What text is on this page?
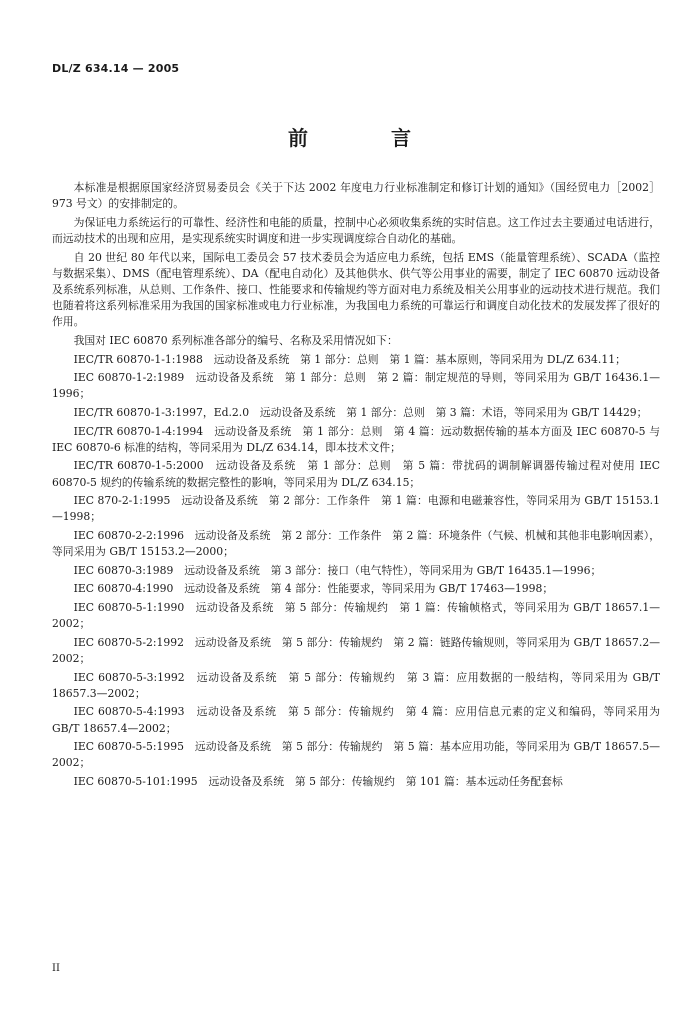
DL/Z 634.14 — 2005
前 言

本标准是根据原国家经济贸易委员会《关于下达 2002 年度电力行业标准制定和修订计划的通知》（国经贸电力［2002］973 号文）的安排制定的。

为保证电力系统运行的可靠性、经济性和电能的质量，控制中心必须收集系统的实时信息。这工作过去主要通过电话进行，而远动技术的出现和应用，是实现系统实时调度和进一步实现调度综合自动化的基础。

自 20 世纪 80 年代以来，国际电工委员会 57 技术委员会为适应电力系统，包括 EMS（能量管理系统）、SCADA（监控与数据采集）、DMS（配电管理系统）、DA（配电自动化）及其他供水、供气等公用事业的需要，制定了 IEC 60870 远动设备及系统系列标准，从总则、工作条件、接口、性能要求和传输规约等方面对电力系统及相关公用事业的远动技术进行规范。我们也随着将这系列标准采用为我国的国家标准或电力行业标准，为我国电力系统的可靠运行和调度自动化技术的发展发挥了很好的作用。

我国对 IEC 60870 系列标准各部分的编号、名称及采用情况如下：

IEC/TR 60870-1-1:1988　远动设备及系统　第 1 部分：总则　第 1 篇：基本原则，等同采用为 DL/Z 634.11；

IEC 60870-1-2:1989　远动设备及系统　第 1 部分：总则　第 2 篇：制定规范的导则，等同采用为 GB/T 16436.1—1996；

IEC/TR 60870-1-3:1997，Ed.2.0　远动设备及系统　第 1 部分：总则　第 3 篇：术语，等同采用为 GB/T 14429；

IEC/TR 60870-1-4:1994　远动设备及系统　第 1 部分：总则　第 4 篇：远动数据传输的基本方面及 IEC 60870-5 与 IEC 60870-6 标准的结构，等同采用为 DL/Z 634.14，即本技术文件；

IEC/TR 60870-1-5:2000　远动设备及系统　第 1 部分：总则　第 5 篇：带扰码的调制解调器传输过程对使用 IEC 60870-5 规约的传输系统的数据完整性的影响，等同采用为 DL/Z 634.15；

IEC 870-2-1:1995　远动设备及系统　第 2 部分：工作条件　第 1 篇：电源和电磁兼容性，等同采用为 GB/T 15153.1—1998；

IEC 60870-2-2:1996　远动设备及系统　第 2 部分：工作条件　第 2 篇：环境条件（气候、机械和其他非电影响因素），等同采用为 GB/T 15153.2—2000；

IEC 60870-3:1989　远动设备及系统　第 3 部分：接口（电气特性），等同采用为 GB/T 16435.1—1996；

IEC 60870-4:1990　远动设备及系统　第 4 部分：性能要求，等同采用为 GB/T 17463—1998；

IEC 60870-5-1:1990　远动设备及系统　第 5 部分：传输规约　第 1 篇：传输帧格式，等同采用为 GB/T 18657.1—2002；

IEC 60870-5-2:1992　远动设备及系统　第 5 部分：传输规约　第 2 篇：链路传输规则，等同采用为 GB/T 18657.2—2002；

IEC 60870-5-3:1992　远动设备及系统　第 5 部分：传输规约　第 3 篇：应用数据的一般结构，等同采用为 GB/T 18657.3—2002；

IEC 60870-5-4:1993　远动设备及系统　第 5 部分：传输规约　第 4 篇：应用信息元素的定义和编码，等同采用为 GB/T 18657.4—2002；

IEC 60870-5-5:1995　远动设备及系统　第 5 部分：传输规约　第 5 篇：基本应用功能，等同采用为 GB/T 18657.5—2002；

IEC 60870-5-101:1995　远动设备及系统　第 5 部分：传输规约　第 101 篇：基本远动任务配套标

II
